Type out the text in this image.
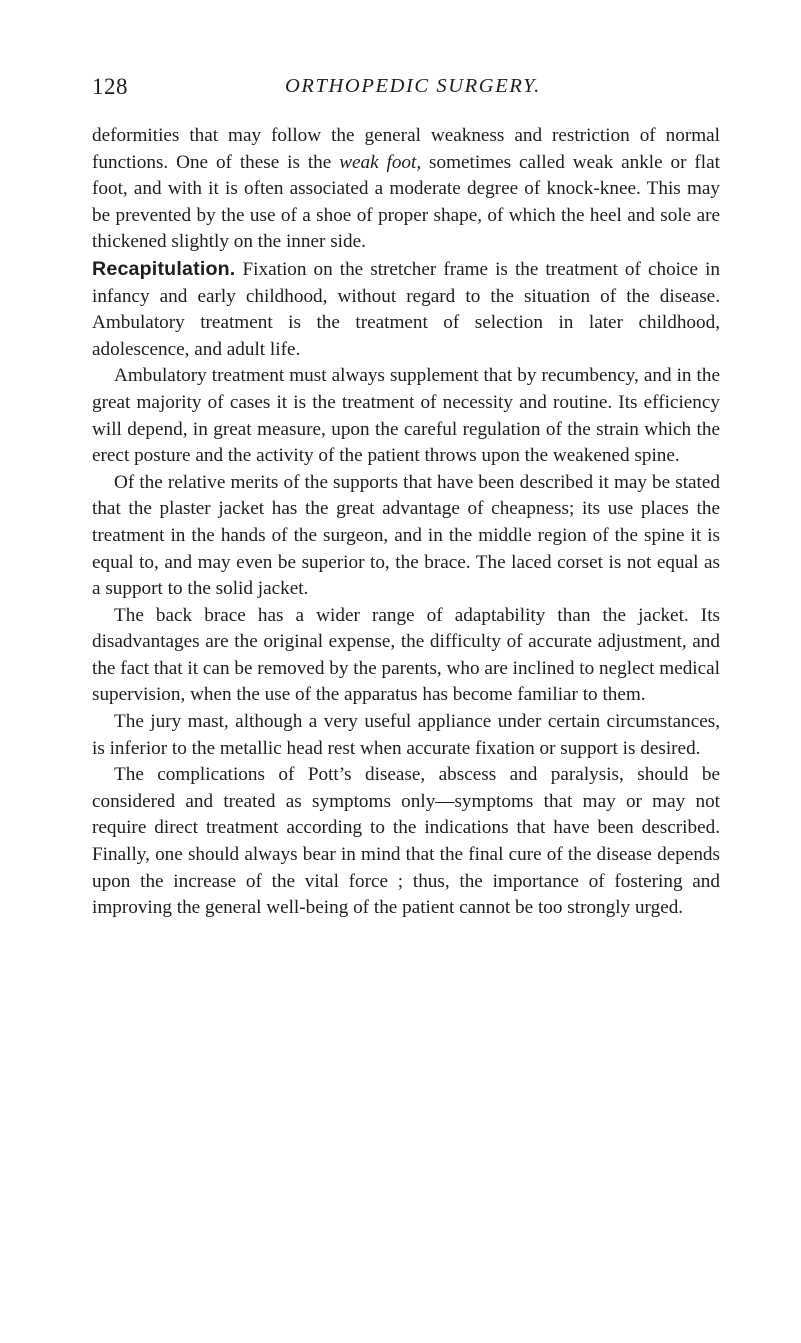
128	ORTHOPEDIC SURGERY.

deformities that may follow the general weakness and restriction of normal functions. One of these is the weak foot, sometimes called weak ankle or flat foot, and with it is often associated a moderate degree of knock-knee. This may be prevented by the use of a shoe of proper shape, of which the heel and sole are thickened slightly on the inner side.

Recapitulation. Fixation on the stretcher frame is the treatment of choice in infancy and early childhood, without regard to the situation of the disease. Ambulatory treatment is the treatment of selection in later childhood, adolescence, and adult life.

Ambulatory treatment must always supplement that by recumbency, and in the great majority of cases it is the treatment of necessity and routine. Its efficiency will depend, in great measure, upon the careful regulation of the strain which the erect posture and the activity of the patient throws upon the weakened spine.

Of the relative merits of the supports that have been described it may be stated that the plaster jacket has the great advantage of cheapness; its use places the treatment in the hands of the surgeon, and in the middle region of the spine it is equal to, and may even be superior to, the brace. The laced corset is not equal as a support to the solid jacket.

The back brace has a wider range of adaptability than the jacket. Its disadvantages are the original expense, the difficulty of accurate adjustment, and the fact that it can be removed by the parents, who are inclined to neglect medical supervision, when the use of the apparatus has become familiar to them.

The jury mast, although a very useful appliance under certain circumstances, is inferior to the metallic head rest when accurate fixation or support is desired.

The complications of Pott’s disease, abscess and paralysis, should be considered and treated as symptoms only—symptoms that may or may not require direct treatment according to the indications that have been described. Finally, one should always bear in mind that the final cure of the disease depends upon the increase of the vital force ; thus, the importance of fostering and improving the general well-being of the patient cannot be too strongly urged.
